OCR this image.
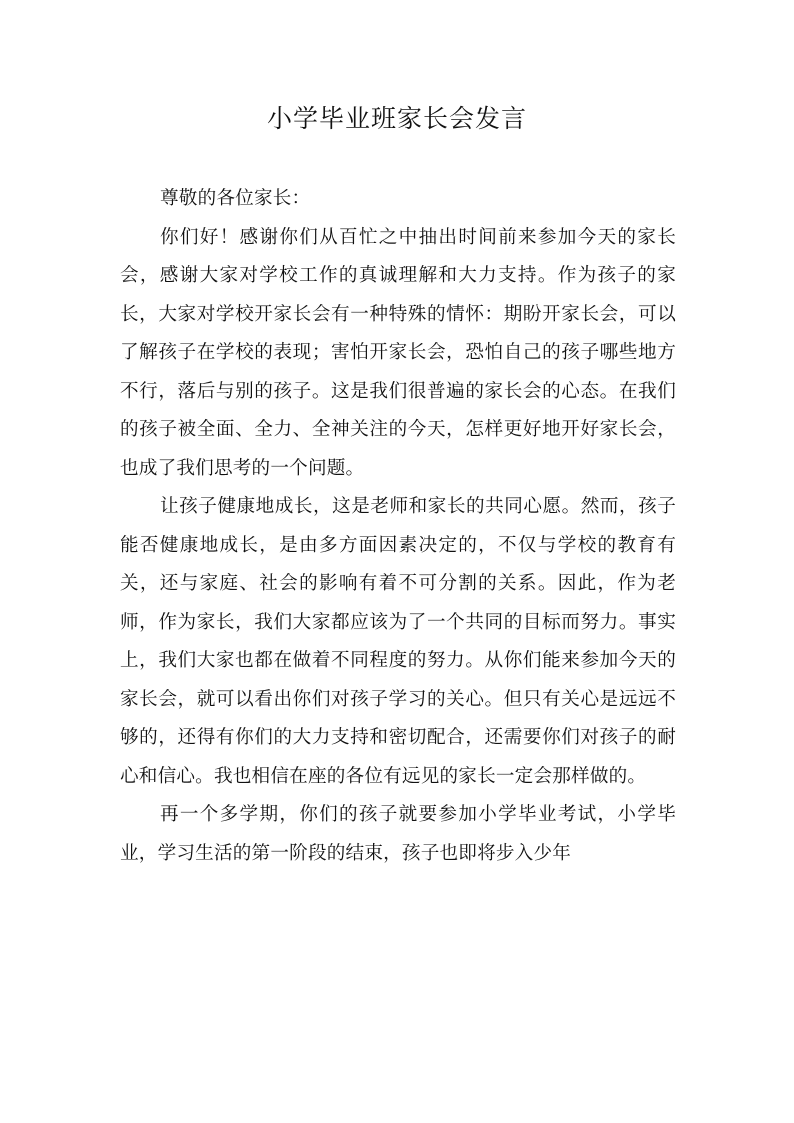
小学毕业班家长会发言

尊敬的各位家长：

你们好！感谢你们从百忙之中抽出时间前来参加今天的家长会，感谢大家对学校工作的真诚理解和大力支持。作为孩子的家长，大家对学校开家长会有一种特殊的情怀：期盼开家长会，可以了解孩子在学校的表现；害怕开家长会，恐怕自己的孩子哪些地方不行，落后与别的孩子。这是我们很普遍的家长会的心态。在我们的孩子被全面、全力、全神关注的今天，怎样更好地开好家长会，也成了我们思考的一个问题。

让孩子健康地成长，这是老师和家长的共同心愿。然而，孩子能否健康地成长，是由多方面因素决定的，不仅与学校的教育有关，还与家庭、社会的影响有着不可分割的关系。因此，作为老师，作为家长，我们大家都应该为了一个共同的目标而努力。事实上，我们大家也都在做着不同程度的努力。从你们能来参加今天的家长会，就可以看出你们对孩子学习的关心。但只有关心是远远不够的，还得有你们的大力支持和密切配合，还需要你们对孩子的耐心和信心。我也相信在座的各位有远见的家长一定会那样做的。

再一个多学期，你们的孩子就要参加小学毕业考试，小学毕业，学习生活的第一阶段的结束，孩子也即将步入少年
